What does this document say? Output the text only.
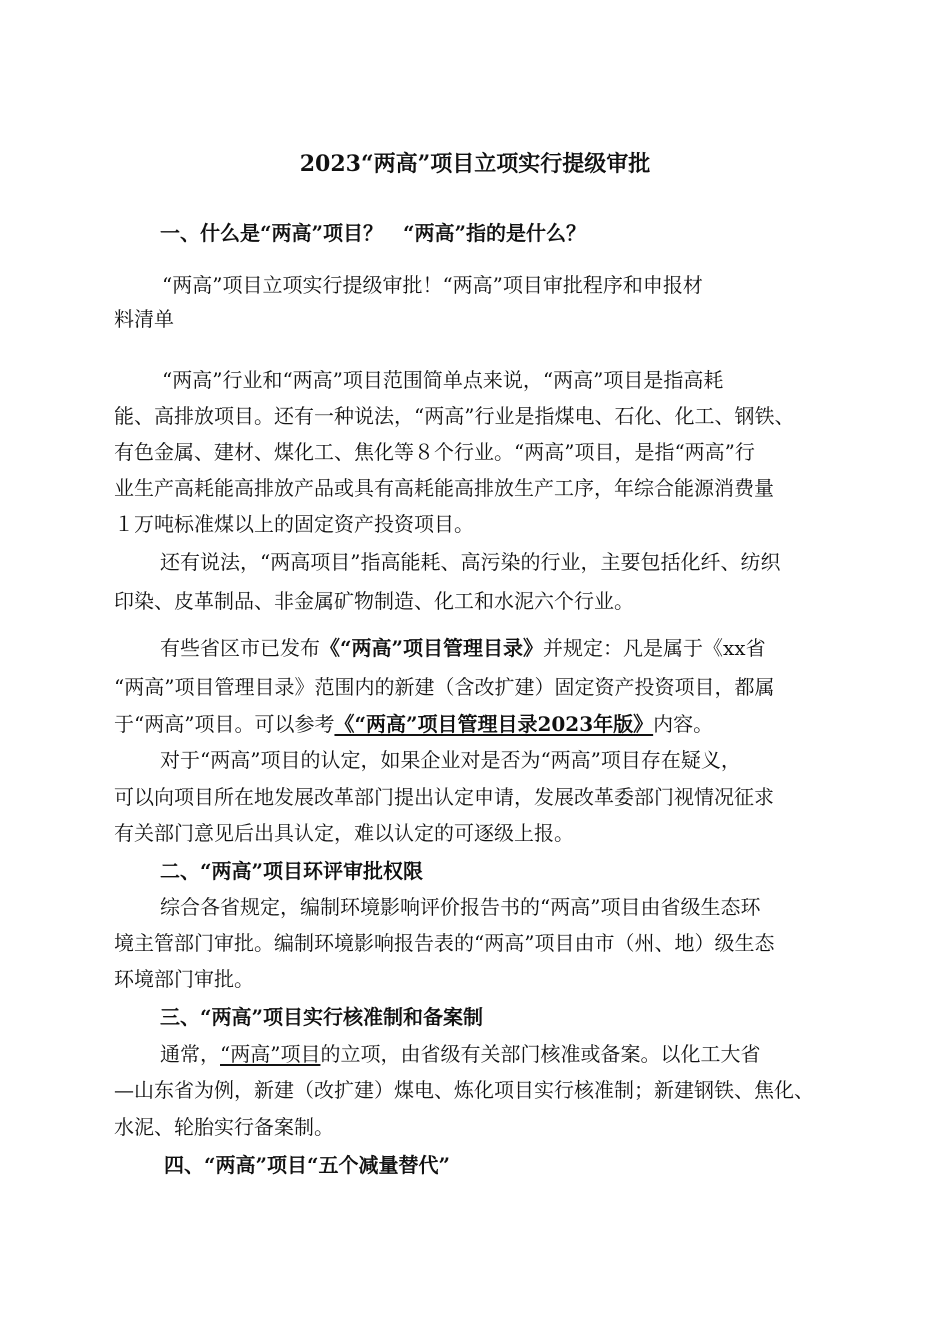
2023“两高”项目立项实行提级审批
一、什么是“两高”项目？　“两高”指的是什么？
“两高”项目立项实行提级审批！“两高”项目审批程序和申报材
料清单
“两高”行业和“两高”项目范围简单点来说，“两高”项目是指高耗
能、高排放项目。还有一种说法，“两高”行业是指煤电、石化、化工、钢铁、
有色金属、建材、煤化工、焦化等８个行业。“两高”项目，是指“两高”行
业生产高耗能高排放产品或具有高耗能高排放生产工序，年综合能源消费量
１万吨标准煤以上的固定资产投资项目。
还有说法，“两高项目”指高能耗、高污染的行业，主要包括化纤、纺织
印染、皮革制品、非金属矿物制造、化工和水泥六个行业。
有些省区市已发布《“两高”项目管理目录》并规定：凡是属于《xx省
“两高”项目管理目录》范围内的新建（含改扩建）固定资产投资项目，都属
于“两高”项目。可以参考《“两高”项目管理目录2023年版》内容。
对于“两高”项目的认定，如果企业对是否为“两高”项目存在疑义，
可以向项目所在地发展改革部门提出认定申请，发展改革委部门视情况征求
有关部门意见后出具认定，难以认定的可逐级上报。
二、“两高”项目环评审批权限
综合各省规定，编制环境影响评价报告书的“两高”项目由省级生态环
境主管部门审批。编制环境影响报告表的“两高”项目由市（州、地）级生态
环境部门审批。
三、“两高”项目实行核准制和备案制
通常，“两高”项目的立项，由省级有关部门核准或备案。以化工大省
—山东省为例，新建（改扩建）煤电、炼化项目实行核准制；新建钢铁、焦化、
水泥、轮胎实行备案制。
四、“两高”项目“五个减量替代”
